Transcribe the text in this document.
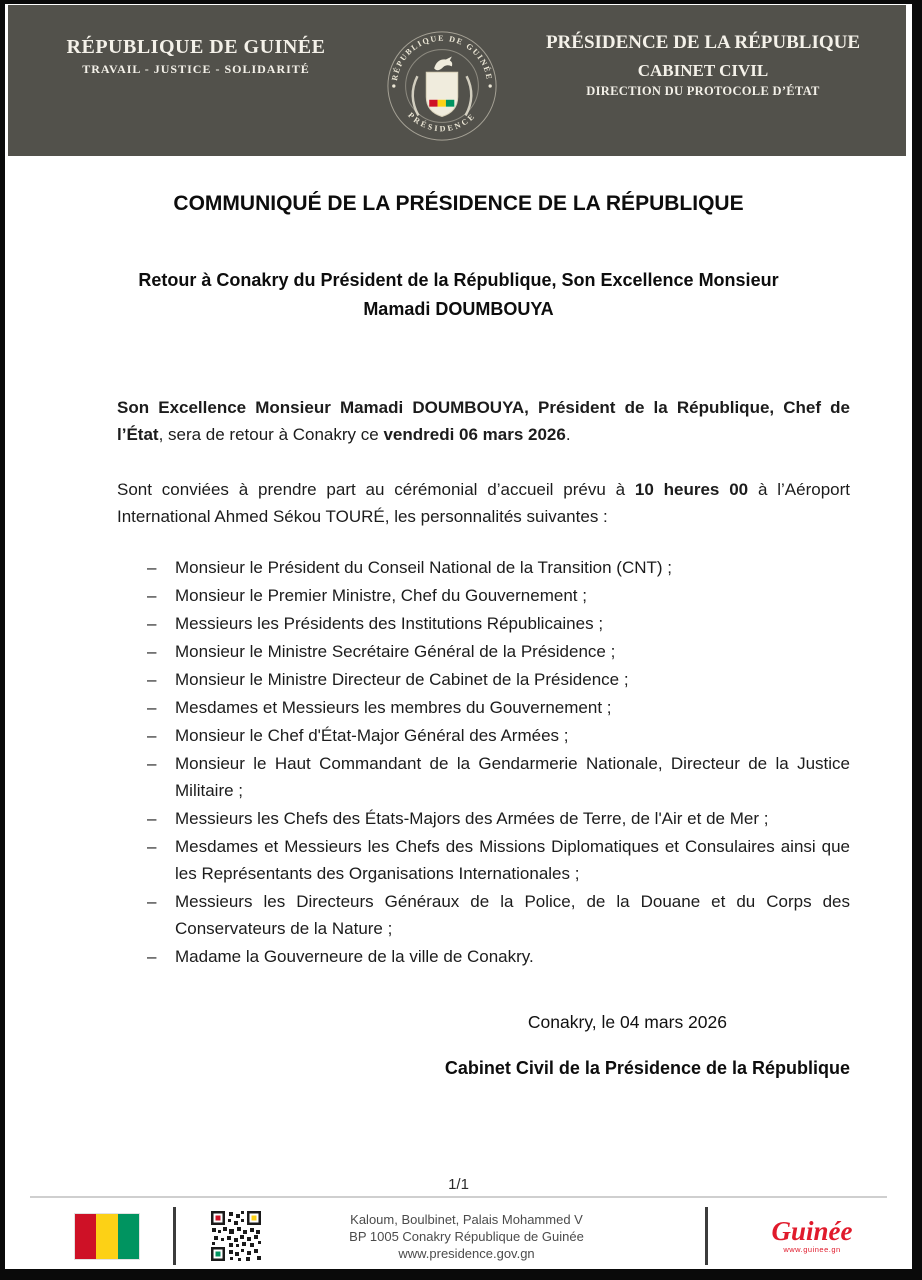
RÉPUBLIQUE DE GUINÉE
TRAVAIL - JUSTICE - SOLIDARITÉ
RÉPUBLIQUE DE GUINÉE
PRÉSIDENCE
PRÉSIDENCE DE LA RÉPUBLIQUE
CABINET CIVIL
DIRECTION DU PROTOCOLE D’ÉTAT
COMMUNIQUÉ DE LA PRÉSIDENCE DE LA RÉPUBLIQUE
Retour à Conakry du Président de la République, Son Excellence Monsieur Mamadi DOUMBOUYA

Son Excellence Monsieur Mamadi DOUMBOUYA, Président de la République, Chef de l’État, sera de retour à Conakry ce vendredi 06 mars 2026.

Sont conviées à prendre part au cérémonial d’accueil prévu à 10 heures 00 à l’Aéroport International Ahmed Sékou TOURÉ, les personnalités suivantes :

– Monsieur le Président du Conseil National de la Transition (CNT) ;
– Monsieur le Premier Ministre, Chef du Gouvernement ;
– Messieurs les Présidents des Institutions Républicaines ;
– Monsieur le Ministre Secrétaire Général de la Présidence ;
– Monsieur le Ministre Directeur de Cabinet de la Présidence ;
– Mesdames et Messieurs les membres du Gouvernement ;
– Monsieur le Chef d'État-Major Général des Armées ;
– Monsieur le Haut Commandant de la Gendarmerie Nationale, Directeur de la Justice Militaire ;
– Messieurs les Chefs des États-Majors des Armées de Terre, de l'Air et de Mer ;
– Mesdames et Messieurs les Chefs des Missions Diplomatiques et Consulaires ainsi que les Représentants des Organisations Internationales ;
– Messieurs les Directeurs Généraux de la Police, de la Douane et du Corps des Conservateurs de la Nature ;
– Madame la Gouverneure de la ville de Conakry.
Conakry, le 04 mars 2026
Cabinet Civil de la Présidence de la République
1/1
Kaloum, Boulbinet, Palais Mohammed V
BP 1005 Conakry République de Guinée
www.presidence.gov.gn
Guinée
www.guinee.gn
